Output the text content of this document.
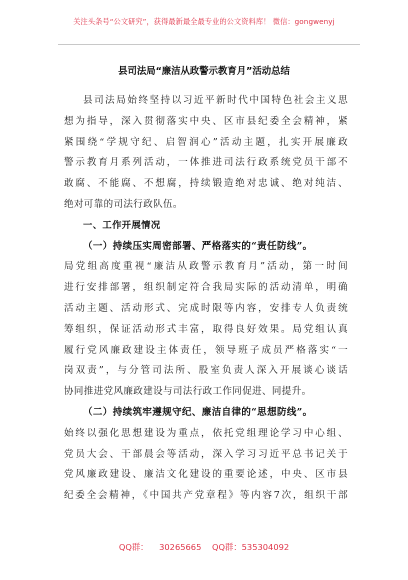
关注头条号“公文研究”，获得最新最全最专业的公文资料库！ 微信：gongwenyj
县司法局“廉洁从政警示教育月”活动总结
县司法局始终坚持以习近平新时代中国特色社会主义思
想为指导，深入贯彻落实中央、区市县纪委全会精神，紧
紧围绕“学规守纪、启智润心”活动主题，扎实开展廉政
警示教育月系列活动，一体推进司法行政系统党员干部不
敢腐、不能腐、不想腐，持续锻造绝对忠诚、绝对纯洁、
绝对可靠的司法行政队伍。
一、工作开展情况
（一）持续压实周密部署、严格落实的“责任防线”。
局党组高度重视“廉洁从政警示教育月”活动，第一时间
进行安排部署，组织制定符合我局实际的活动清单，明确
活动主题、活动形式、完成时限等内容，安排专人负责统
筹组织，保证活动形式丰富，取得良好效果。局党组认真
履行党风廉政建设主体责任，领导班子成员严格落实“一
岗双责”，与分管司法所、股室负责人深入开展谈心谈话
协同推进党风廉政建设与司法行政工作同促进、同提升。
（二）持续筑牢遵规守纪、廉洁自律的“思想防线”。
始终以强化思想建设为重点，依托党组理论学习中心组、
党员大会、干部晨会等活动，深入学习习近平总书记关于
党风廉政建设、廉洁文化建设的重要论述，中央、区市县
纪委全会精神，《中国共产党章程》等内容7次，组织干部
QQ群： 30265665 QQ群：535304092
